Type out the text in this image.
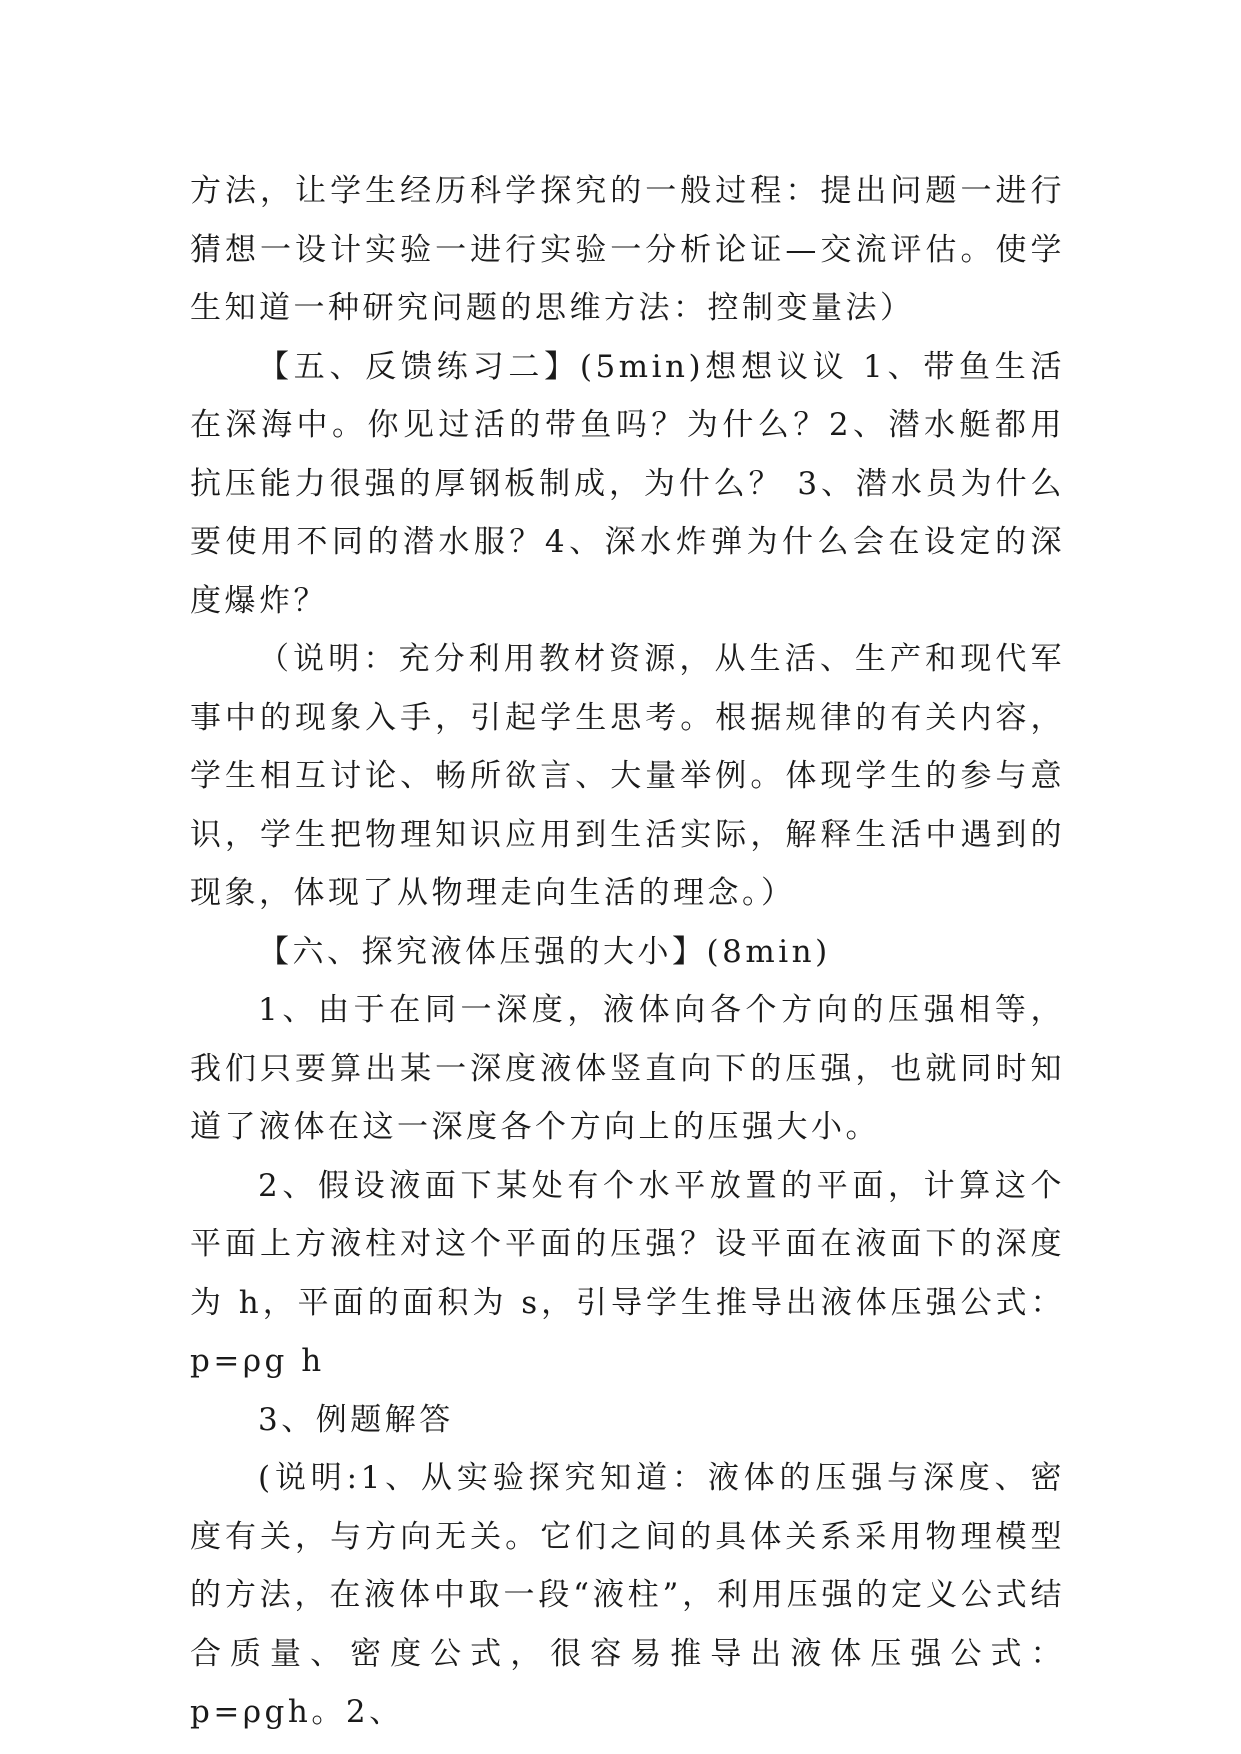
方法，让学生经历科学探究的一般过程：提出问题一进行猜想一设计实验一进行实验一分析论证—交流评估。使学生知道一种研究问题的思维方法：控制变量法）

【五、反馈练习二】(5min)想想议议 1、带鱼生活在深海中。你见过活的带鱼吗？为什么？2、潜水艇都用抗压能力很强的厚钢板制成，为什么？ 3、潜水员为什么要使用不同的潜水服？4、深水炸弹为什么会在设定的深度爆炸？

（说明：充分利用教材资源，从生活、生产和现代军事中的现象入手，引起学生思考。根据规律的有关内容，学生相互讨论、畅所欲言、大量举例。体现学生的参与意识，学生把物理知识应用到生活实际，解释生活中遇到的现象，体现了从物理走向生活的理念。）

【六、探究液体压强的大小】(8min)

1、由于在同一深度，液体向各个方向的压强相等，我们只要算出某一深度液体竖直向下的压强，也就同时知道了液体在这一深度各个方向上的压强大小。

2、假设液面下某处有个水平放置的平面，计算这个平面上方液柱对这个平面的压强？设平面在液面下的深度为 h，平面的面积为 s，引导学生推导出液体压强公式：p=ρg h

3、例题解答

(说明:1、从实验探究知道：液体的压强与深度、密度有关，与方向无关。它们之间的具体关系采用物理模型的方法，在液体中取一段“液柱”，利用压强的定义公式结合质量、密度公式，很容易推导出液体压强公式：p=ρgh。2、
